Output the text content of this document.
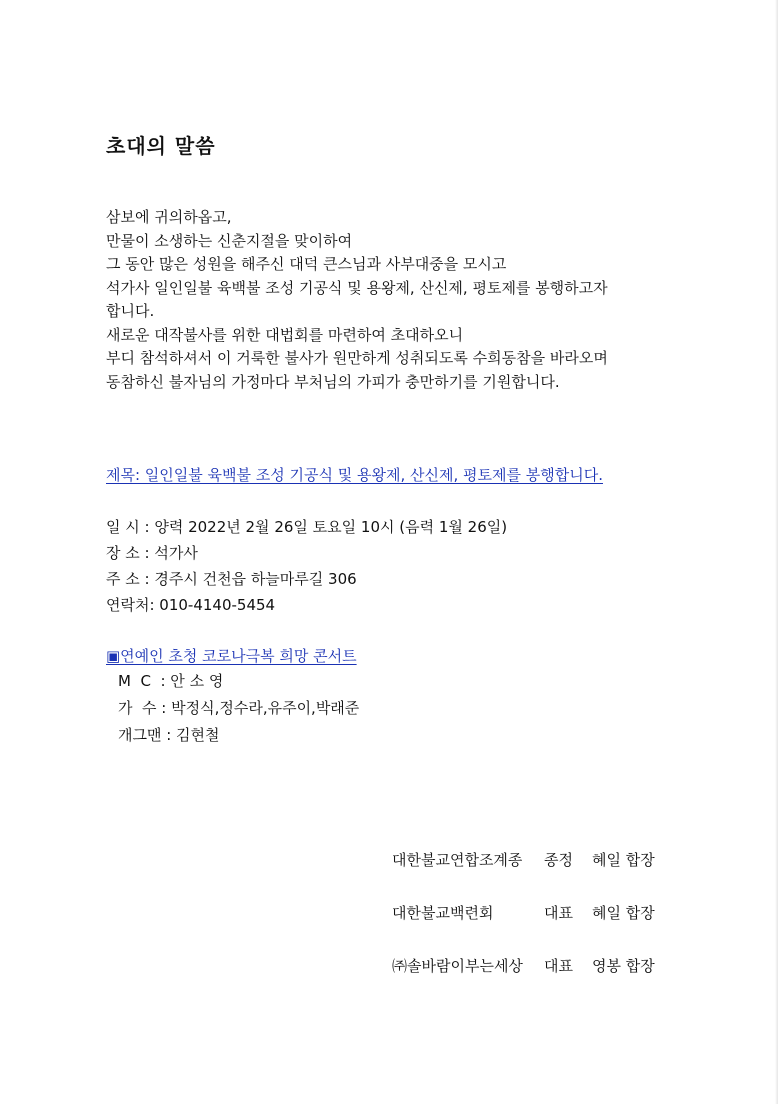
초대의 말씀
삼보에 귀의하옵고,
만물이 소생하는 신춘지절을 맞이하여
그 동안 많은 성원을 해주신 대덕 큰스님과 사부대중을 모시고
석가사 일인일불 육백불 조성 기공식 및 용왕제, 산신제, 평토제를 봉행하고자
합니다.
새로운 대작불사를 위한 대법회를 마련하여 초대하오니
부디 참석하셔서 이 거룩한 불사가 원만하게 성취되도록 수희동참을 바라오며
동참하신 불자님의 가정마다 부처님의 가피가 충만하기를 기원합니다.
제목: 일인일불 육백불 조성 기공식 및 용왕제, 산신제, 평토제를 봉행합니다.
일 시 : 양력 2022년 2월 26일 토요일 10시 (음력 1월 26일)
장 소 : 석가사
주 소 : 경주시 건천읍 하늘마루길 306
연락처: 010-4140-5454
▣연예인 초청 코로나극복 희망 콘서트
M  C  : 안 소 영
가  수 : 박정식,정수라,유주이,박래준
개그맨 : 김현철
대한불교연합조계종 종정 혜일 합장
대한불교백련회	대표 혜일 합장
㈜솔바람이부는세상 대표 영봉 합장
